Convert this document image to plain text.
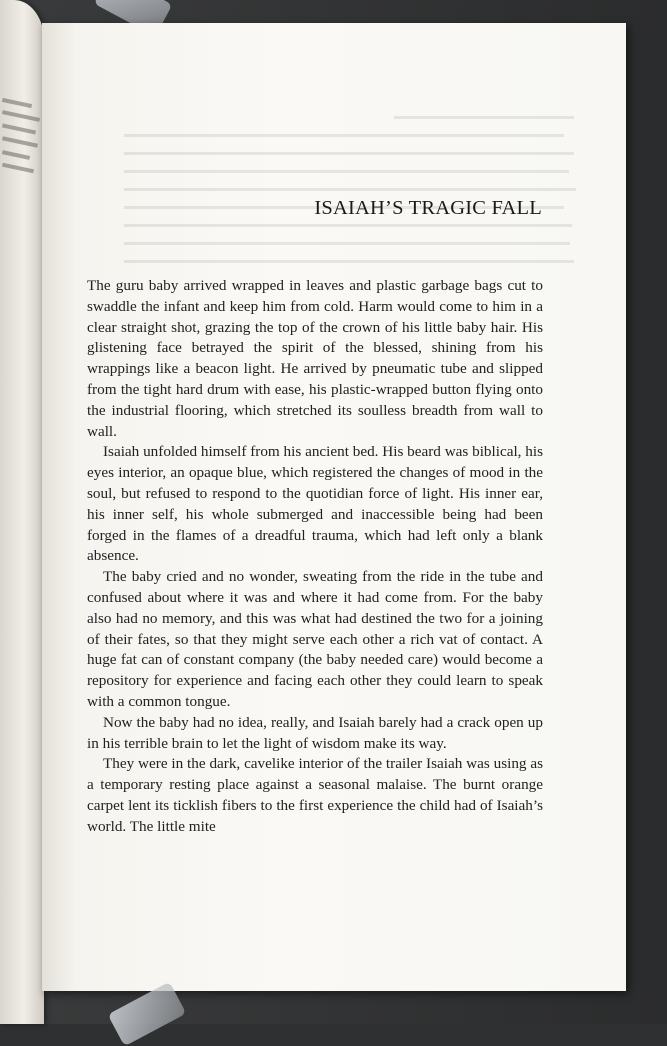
ISAIAH’S TRAGIC FALL

The guru baby arrived wrapped in leaves and plastic garbage bags cut to swaddle the infant and keep him from cold. Harm would come to him in a clear straight shot, grazing the top of the crown of his little baby hair. His glistening face betrayed the spirit of the blessed, shining from his wrappings like a beacon light. He arrived by pneumatic tube and slipped from the tight hard drum with ease, his plastic-wrapped button flying onto the industrial flooring, which stretched its soulless breadth from wall to wall.

Isaiah unfolded himself from his ancient bed. His beard was biblical, his eyes interior, an opaque blue, which registered the changes of mood in the soul, but refused to respond to the quotidian force of light. His inner ear, his inner self, his whole submerged and inaccessible being had been forged in the flames of a dreadful trauma, which had left only a blank absence.

The baby cried and no wonder, sweating from the ride in the tube and confused about where it was and where it had come from. For the baby also had no memory, and this was what had destined the two for a joining of their fates, so that they might serve each other a rich vat of contact. A huge fat can of constant company (the baby needed care) would become a repository for experience and facing each other they could learn to speak with a common tongue.

Now the baby had no idea, really, and Isaiah barely had a crack open up in his terrible brain to let the light of wisdom make its way.

They were in the dark, cavelike interior of the trailer Isaiah was using as a temporary resting place against a seasonal malaise. The burnt orange carpet lent its ticklish fibers to the first experience the child had of Isaiah’s world. The little mite
